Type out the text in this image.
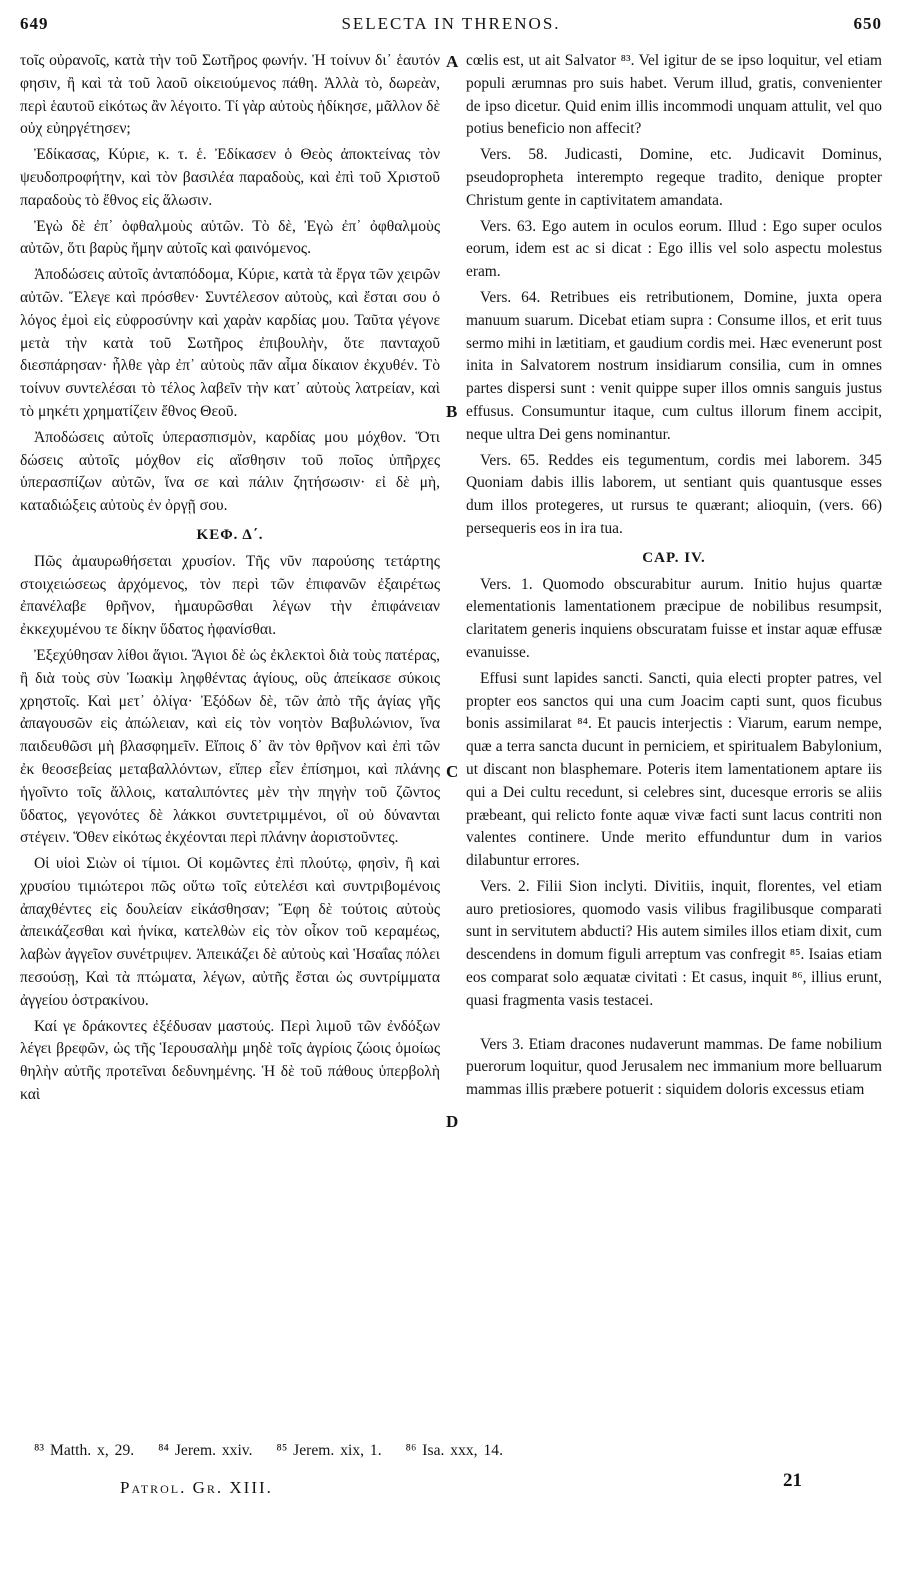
649	SELECTA IN THRENOS.	650

τοῖς οὐρανοῖς, κατὰ τὴν τοῦ Σωτῆρος φωνήν. Ἡ τοίνυν δι᾽ ἑαυτόν φησιν, ἢ καὶ τὰ τοῦ λαοῦ οἰκειούμενος πάθη. Ἀλλὰ τὸ, δωρεὰν, περὶ ἑαυτοῦ εἰκότως ἂν λέγοιτο. Τί γὰρ αὐτοὺς ἠδίκησε, μᾶλλον δὲ οὐχ εὐηργέτησεν;

Ἐδίκασας, Κύριε, κ. τ. ἑ. Ἐδίκασεν ὁ Θεὸς ἀποκτείνας τὸν ψευδοπροφήτην, καὶ τὸν βασιλέα παραδοὺς, καὶ ἐπὶ τοῦ Χριστοῦ παραδοὺς τὸ ἔθνος εἰς ἅλωσιν.

Ἐγὼ δὲ ἐπ᾽ ὀφθαλμοὺς αὐτῶν. Τὸ δὲ, Ἐγὼ ἐπ᾽ ὀφθαλμοὺς αὐτῶν, ὅτι βαρὺς ἤμην αὐτοῖς καὶ φαινόμενος.

Ἀποδώσεις αὐτοῖς ἀνταπόδομα, Κύριε, κατὰ τὰ ἔργα τῶν χειρῶν αὐτῶν. Ἔλεγε καὶ πρόσθεν· Συντέλεσον αὐτοὺς, καὶ ἔσται σου ὁ λόγος ἐμοὶ εἰς εὐφροσύνην καὶ χαρὰν καρδίας μου. Ταῦτα γέγονε μετὰ τὴν κατὰ τοῦ Σωτῆρος ἐπιβουλὴν, ὅτε πανταχοῦ διεσπάρησαν· ἦλθε γὰρ ἐπ᾽ αὐτοὺς πᾶν αἷμα δίκαιον ἐκχυθέν. Τὸ τοίνυν συντελέσαι τὸ τέλος λαβεῖν τὴν κατ᾽ αὐτοὺς λατρείαν, καὶ τὸ μηκέτι χρηματίζειν ἔθνος Θεοῦ.

Ἀποδώσεις αὐτοῖς ὑπερασπισμὸν, καρδίας μου μόχθον. Ὅτι δώσεις αὐτοῖς μόχθον εἰς αἴσθησιν τοῦ ποῖος ὑπῆρχες ὑπερασπίζων αὐτῶν, ἵνα σε καὶ πάλιν ζητήσωσιν· εἰ δὲ μὴ, καταδιώξεις αὐτοὺς ἐν ὀργῇ σου.

ΚΕΦ. Δ΄.

Πῶς ἀμαυρωθήσεται χρυσίον. Τῆς νῦν παρούσης τετάρτης στοιχειώσεως ἀρχόμενος, τὸν περὶ τῶν ἐπιφανῶν ἐξαιρέτως ἐπανέλαβε θρῆνον, ἠμαυρῶσθαι λέγων τὴν ἐπιφάνειαν ἐκκεχυμένου τε δίκην ὕδατος ἠφανίσθαι.

Ἐξεχύθησαν λίθοι ἅγιοι. Ἅγιοι δὲ ὡς ἐκλεκτοὶ διὰ τοὺς πατέρας, ἢ διὰ τοὺς σὺν Ἰωακὶμ ληφθέντας ἁγίους, οὓς ἀπείκασε σύκοις χρηστοῖς. Καὶ μετ᾽ ὀλίγα· Ἐξόδων δὲ, τῶν ἀπὸ τῆς ἁγίας γῆς ἀπαγουσῶν εἰς ἀπώλειαν, καὶ εἰς τὸν νοητὸν Βαβυλώνιον, ἵνα παιδευθῶσι μὴ βλασφημεῖν. Εἴποις δ᾽ ἂν τὸν θρῆνον καὶ ἐπὶ τῶν ἐκ θεοσεβείας μεταβαλλόντων, εἴπερ εἶεν ἐπίσημοι, καὶ πλάνης ἡγοῖντο τοῖς ἄλλοις, καταλιπόντες μὲν τὴν πηγὴν τοῦ ζῶντος ὕδατος, γεγονότες δὲ λάκκοι συντετριμμένοι, οἳ οὐ δύνανται στέγειν. Ὅθεν εἰκότως ἐκχέονται περὶ πλάνην ἀοριστοῦντες.

Οἱ υἱοὶ Σιὼν οἱ τίμιοι. Οἱ κομῶντες ἐπὶ πλούτῳ, φησὶν, ἢ καὶ χρυσίου τιμιώτεροι πῶς οὕτω τοῖς εὐτελέσι καὶ συντριβομένοις ἀπαχθέντες εἰς δουλείαν εἰκάσθησαν; Ἔφη δὲ τούτοις αὐτοὺς ἀπεικάζεσθαι καὶ ἡνίκα, κατελθὼν εἰς τὸν οἶκον τοῦ κεραμέως, λαβὼν ἀγγεῖον συνέτριψεν. Ἀπεικάζει δὲ αὐτοὺς καὶ Ἡσαΐας πόλει πεσούσῃ, Καὶ τὰ πτώματα, λέγων, αὐτῆς ἔσται ὡς συντρίμματα ἀγγείου ὀστρακίνου.

Καί γε δράκοντες ἐξέδυσαν μαστούς. Περὶ λιμοῦ τῶν ἐνδόξων λέγει βρεφῶν, ὡς τῆς Ἱερουσαλὴμ μηδὲ τοῖς ἀγρίοις ζώοις ὁμοίως θηλὴν αὐτῆς προτεῖναι δεδυνημένης. Ἡ δὲ τοῦ πάθους ὑπερβολὴ καὶ

A
B
C
D

cœlis est, ut ait Salvator ⁸³. Vel igitur de se ipso loquitur, vel etiam populi ærumnas pro suis habet. Verum illud, gratis, convenienter de ipso dicetur. Quid enim illis incommodi unquam attulit, vel quo potius beneficio non affecit?

Vers. 58. Judicasti, Domine, etc. Judicavit Dominus, pseudopropheta interempto regeque tradito, denique propter Christum gente in captivitatem amandata.

Vers. 63. Ego autem in oculos eorum. Illud : Ego super oculos eorum, idem est ac si dicat : Ego illis vel solo aspectu molestus eram.

Vers. 64. Retribues eis retributionem, Domine, juxta opera manuum suarum. Dicebat etiam supra : Consume illos, et erit tuus sermo mihi in lætitiam, et gaudium cordis mei. Hæc evenerunt post inita in Salvatorem nostrum insidiarum consilia, cum in omnes partes dispersi sunt : venit quippe super illos omnis sanguis justus effusus. Consumuntur itaque, cum cultus illorum finem accipit, neque ultra Dei gens nominantur.

Vers. 65. Reddes eis tegumentum, cordis mei laborem. 345 Quoniam dabis illis laborem, ut sentiant quis quantusque esses dum illos protegeres, ut rursus te quærant; alioquin, (vers. 66) persequeris eos in ira tua.

CAP. IV.

Vers. 1. Quomodo obscurabitur aurum. Initio hujus quartæ elementationis lamentationem præcipue de nobilibus resumpsit, claritatem generis inquiens obscuratam fuisse et instar aquæ effusæ evanuisse.

Effusi sunt lapides sancti. Sancti, quia electi propter patres, vel propter eos sanctos qui una cum Joacim capti sunt, quos ficubus bonis assimilarat ⁸⁴. Et paucis interjectis : Viarum, earum nempe, quæ a terra sancta ducunt in perniciem, et spiritualem Babylonium, ut discant non blasphemare. Poteris item lamentationem aptare iis qui a Dei cultu recedunt, si celebres sint, ducesque erroris se aliis præbeant, qui relicto fonte aquæ vivæ facti sunt lacus contriti non valentes continere. Unde merito effunduntur dum in varios dilabuntur errores.

Vers. 2. Filii Sion inclyti. Divitiis, inquit, florentes, vel etiam auro pretiosiores, quomodo vasis vilibus fragilibusque comparati sunt in servitutem abducti? His autem similes illos etiam dixit, cum descendens in domum figuli arreptum vas confregit ⁸⁵. Isaias etiam eos comparat solo æquatæ civitati : Et casus, inquit ⁸⁶, illius erunt, quasi fragmenta vasis testacei.

Vers 3. Etiam dracones nudaverunt mammas. De fame nobilium puerorum loquitur, quod Jerusalem nec immanium more belluarum mammas illis præbere potuerit : siquidem doloris excessus etiam

⁸³ Matth. x, 29. ⁸⁴ Jerem. xxiv. ⁸⁵ Jerem. xix, 1. ⁸⁶ Isa. xxx, 14.
Patrol. Gr. XIII.	21
